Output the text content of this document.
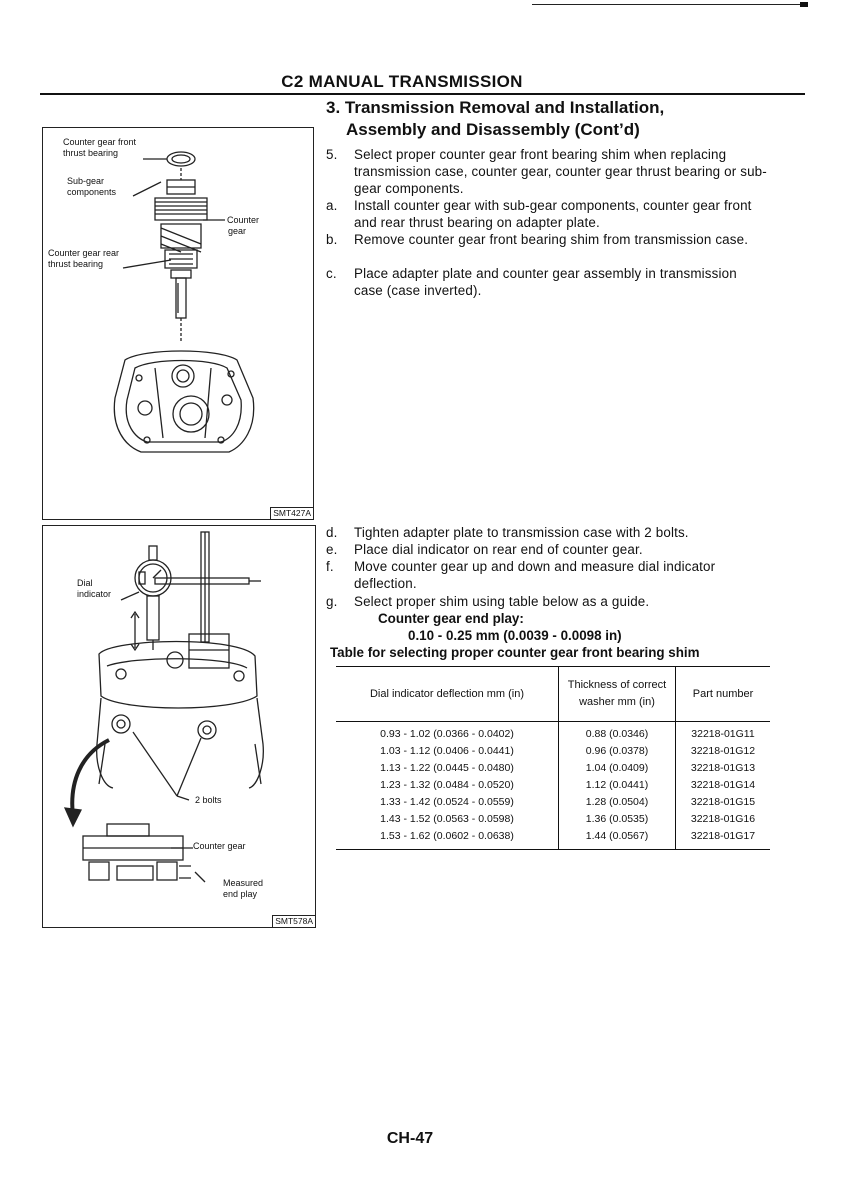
C2 MANUAL TRANSMISSION
3. Transmission Removal and Installation,
Assembly and Disassembly (Cont’d)
5. Select proper counter gear front bearing shim when replacing transmission case, counter gear, counter gear thrust bearing or sub-gear components.
a. Install counter gear with sub-gear components, counter gear front and rear thrust bearing on adapter plate.
b. Remove counter gear front bearing shim from transmission case.
c. Place adapter plate and counter gear assembly in transmission case (case inverted).
Counter gear front
thrust bearing
Sub-gear
components
Counter
gear
Counter gear rear
thrust bearing
SMT427A
d. Tighten adapter plate to transmission case with 2 bolts.
e. Place dial indicator on rear end of counter gear.
f. Move counter gear up and down and measure dial indicator deflection.
g. Select proper shim using table below as a guide.
Counter gear end play:
0.10 - 0.25 mm (0.0039 - 0.0098 in)
Table for selecting proper counter gear front bearing shim
Dial indicator deflection mm (in)	Thickness of correct washer mm (in)	Part number
0.93 - 1.02 (0.0366 - 0.0402)	0.88 (0.0346)	32218-01G11
1.03 - 1.12 (0.0406 - 0.0441)	0.96 (0.0378)	32218-01G12
1.13 - 1.22 (0.0445 - 0.0480)	1.04 (0.0409)	32218-01G13
1.23 - 1.32 (0.0484 - 0.0520)	1.12 (0.0441)	32218-01G14
1.33 - 1.42 (0.0524 - 0.0559)	1.28 (0.0504)	32218-01G15
1.43 - 1.52 (0.0563 - 0.0598)	1.36 (0.0535)	32218-01G16
1.53 - 1.62 (0.0602 - 0.0638)	1.44 (0.0567)	32218-01G17
Dial
indicator
2 bolts
Counter gear
Measured
end play
SMT578A
CH-47
